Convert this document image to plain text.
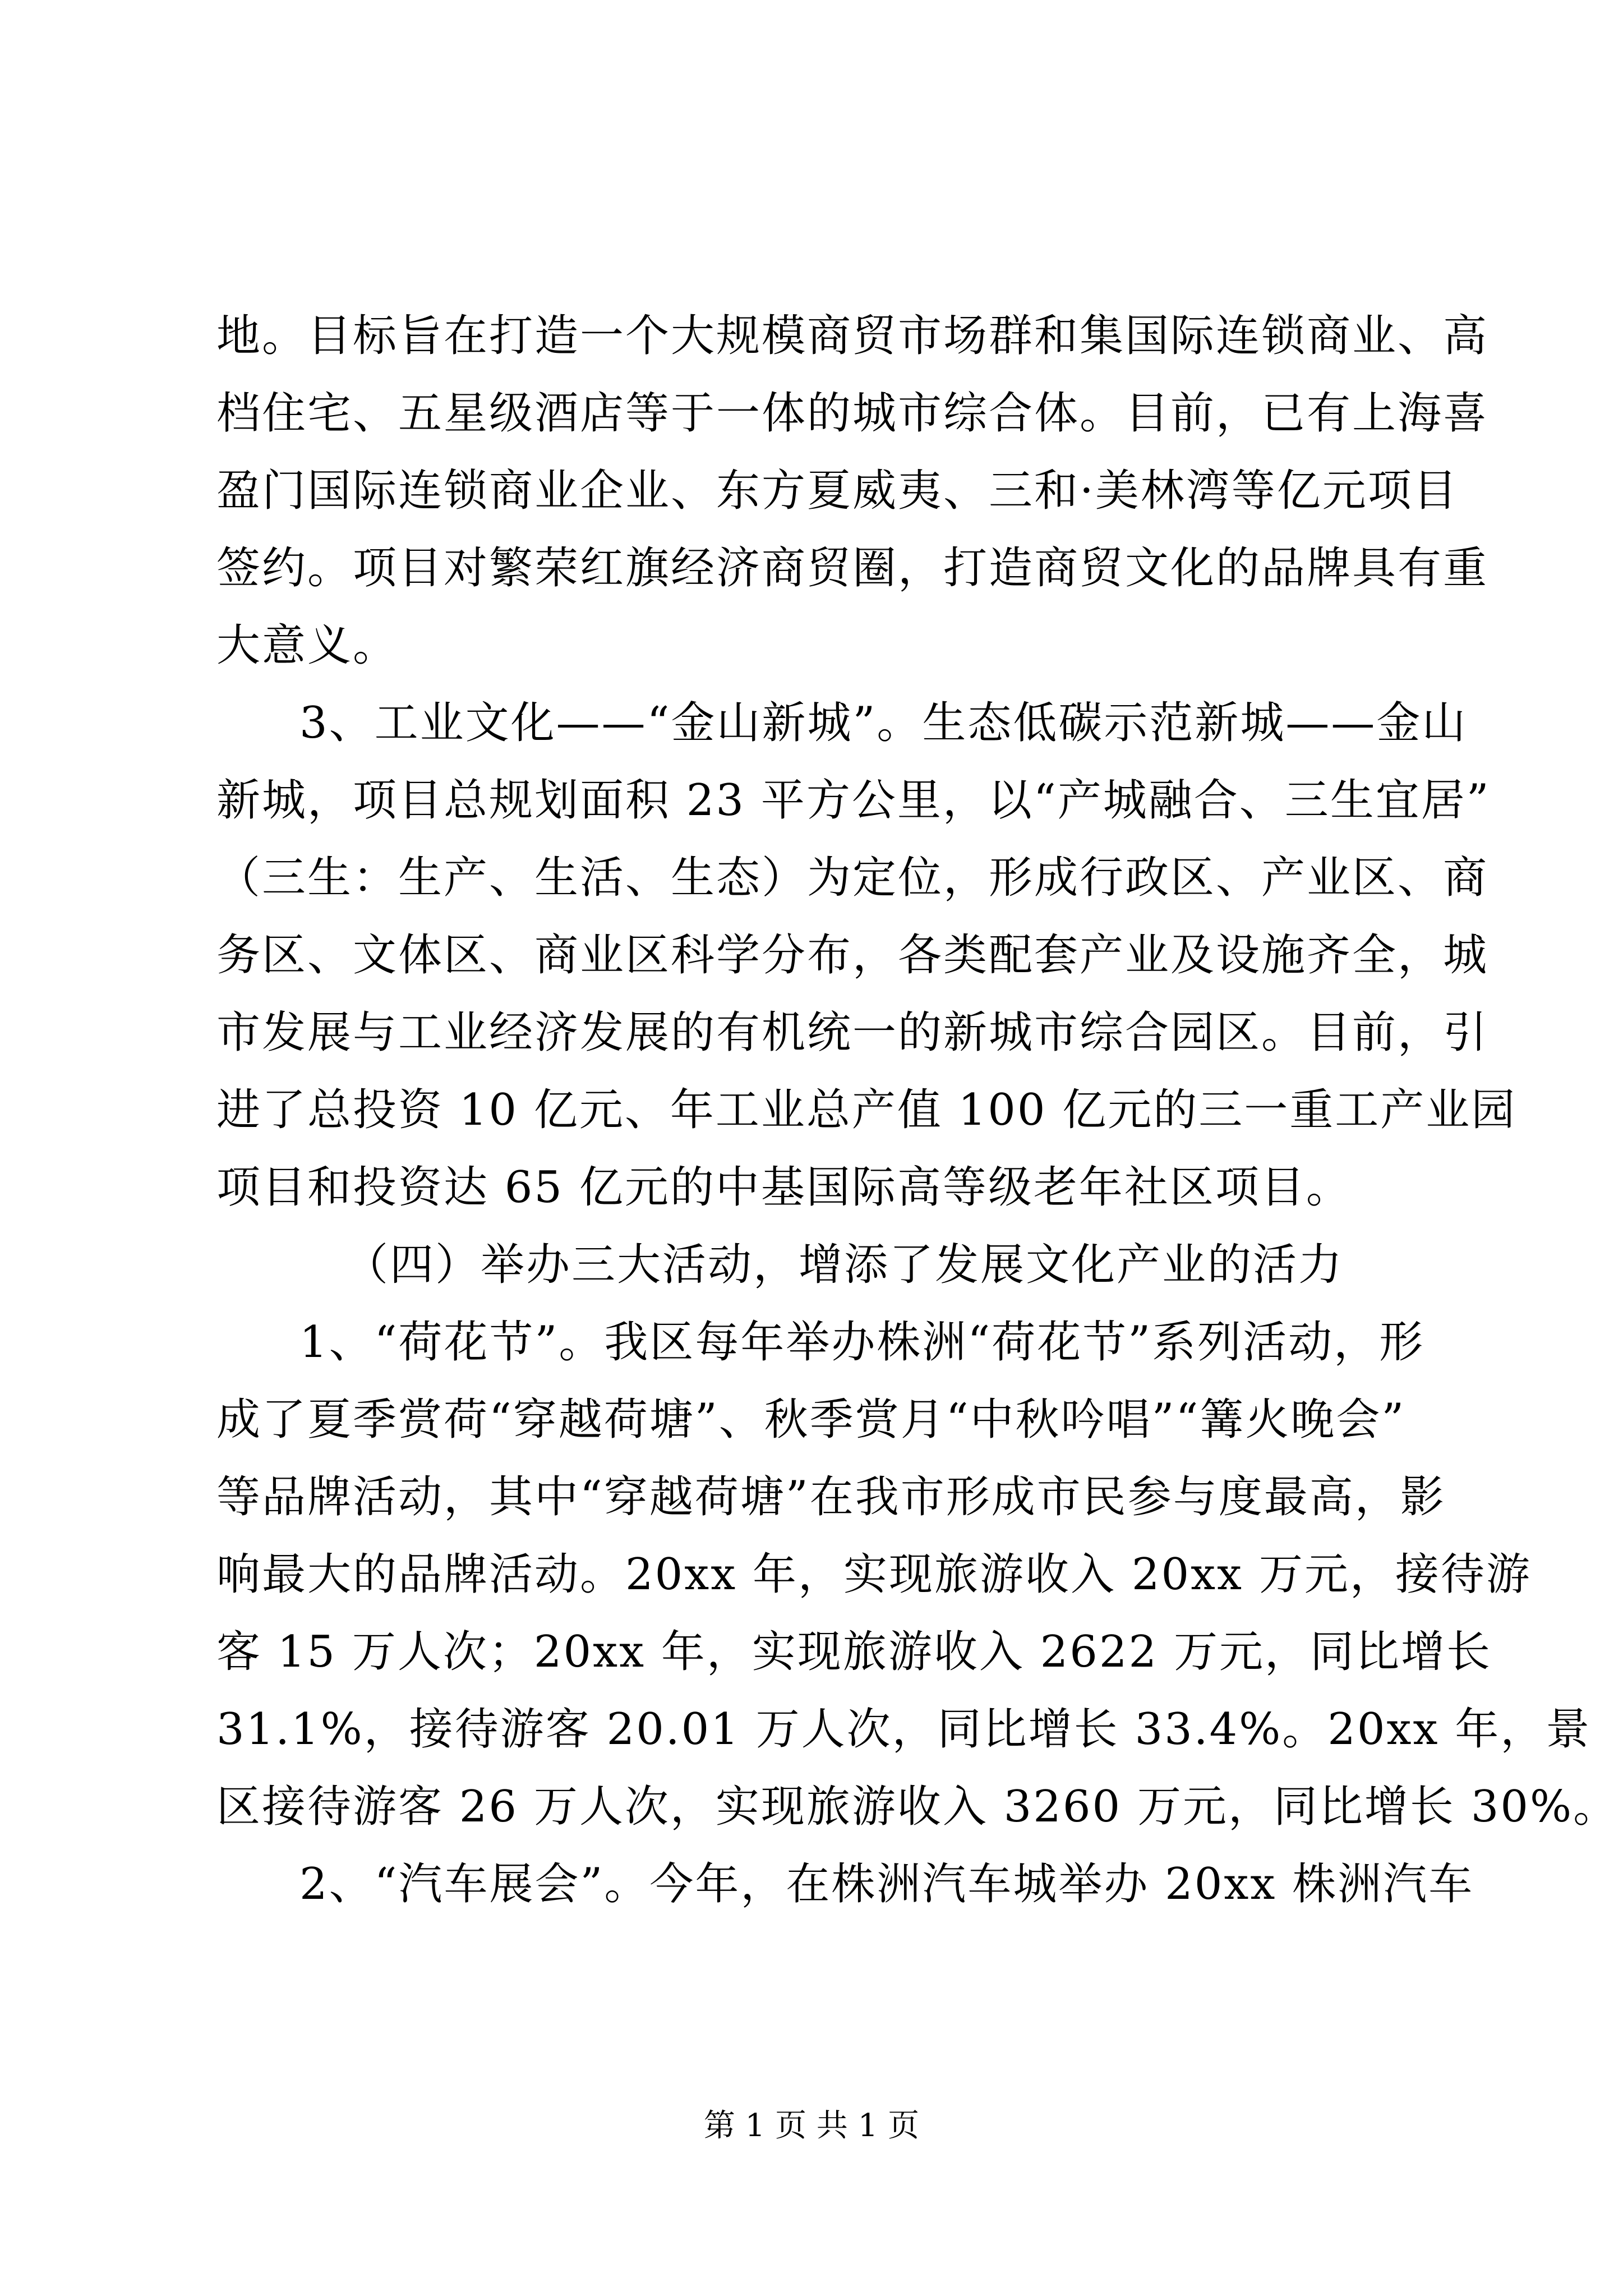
地。目标旨在打造一个大规模商贸市场群和集国际连锁商业、高
档住宅、五星级酒店等于一体的城市综合体。目前，已有上海喜
盈门国际连锁商业企业、东方夏威夷、三和·美林湾等亿元项目
签约。项目对繁荣红旗经济商贸圈，打造商贸文化的品牌具有重
大意义。
3、工业文化——“金山新城”。生态低碳示范新城——金山
新城，项目总规划面积 23 平方公里，以“产城融合、三生宜居”
（三生：生产、生活、生态）为定位，形成行政区、产业区、商
务区、文体区、商业区科学分布，各类配套产业及设施齐全，城
市发展与工业经济发展的有机统一的新城市综合园区。目前，引
进了总投资 10 亿元、年工业总产值 100 亿元的三一重工产业园
项目和投资达 65 亿元的中基国际高等级老年社区项目。
（四）举办三大活动，增添了发展文化产业的活力
1、“荷花节”。我区每年举办株洲“荷花节”系列活动，形
成了夏季赏荷“穿越荷塘”、秋季赏月“中秋吟唱”“篝火晚会”
等品牌活动，其中“穿越荷塘”在我市形成市民参与度最高，影
响最大的品牌活动。20xx 年，实现旅游收入 20xx 万元，接待游
客 15 万人次；20xx 年，实现旅游收入 2622 万元，同比增长
31.1%，接待游客 20.01 万人次，同比增长 33.4%。20xx 年，景
区接待游客 26 万人次，实现旅游收入 3260 万元，同比增长 30%。
2、“汽车展会”。今年，在株洲汽车城举办 20xx 株洲汽车
第 1 页 共 1 页
